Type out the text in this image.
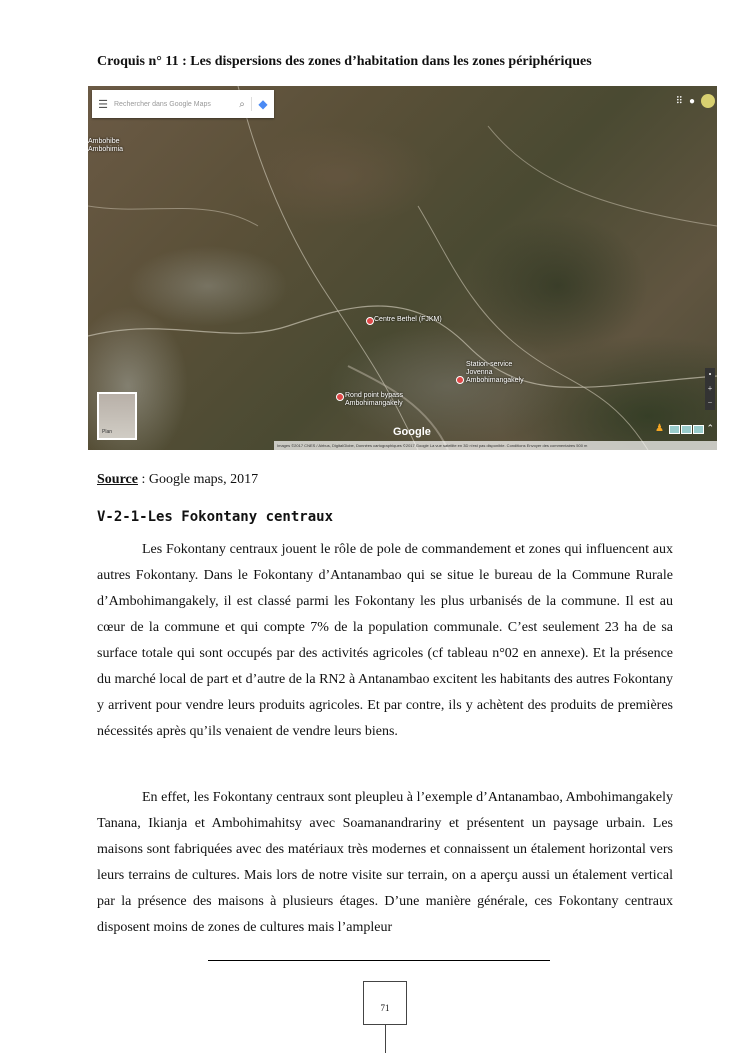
Croquis n° 11 : Les dispersions des zones d’habitation dans les zones périphériques
☰ Rechercher dans Google Maps	⌕	◆	⠿ ●
Ambohibe
Ambohimia
Centre Bethel (FJKM)
Station-service
Jovenna
Ambohimangakely
Rond point bypass
Ambohimangakely
Plan	Google	♟	⌃
•
+
−
Images ©2017 CNES / Airbus, DigitalGlobe, Données cartographiques ©2017 Google La vue satellite en 3D n'est pas disponible. Conditions Envoyer des commentaires 500 m
Source : Google maps, 2017
V-2-1-Les Fokontany centraux

Les Fokontany centraux jouent le rôle de pole de commandement et zones qui influencent aux autres Fokontany. Dans le Fokontany d’Antanambao qui se situe le bureau de la Commune Rurale d’Ambohimangakely, il est classé parmi les Fokontany les plus urbanisés de la commune. Il est au cœur de la commune et qui compte 7% de la population communale. C’est seulement 23 ha de sa surface totale qui sont occupés par des activités agricoles (cf tableau n°02 en annexe). Et la présence du marché local de part et d’autre de la RN2 à Antanambao excitent les habitants des autres Fokontany y arrivent pour vendre leurs produits agricoles. Et par contre, ils y achètent des produits de premières nécessités après qu’ils venaient de vendre leurs biens.

En effet, les Fokontany centraux sont pleupleu à l’exemple d’Antanambao, Ambohimangakely Tanana, Ikianja et Ambohimahitsy avec Soamanandrariny et présentent un paysage urbain. Les maisons sont fabriquées avec des matériaux très modernes et connaissent un étalement horizontal vers leurs terrains de cultures. Mais lors de notre visite sur terrain, on a aperçu aussi un étalement vertical par la présence des maisons à plusieurs étages. D’une manière générale, ces Fokontany centraux disposent moins de zones de cultures mais l’ampleur

71
